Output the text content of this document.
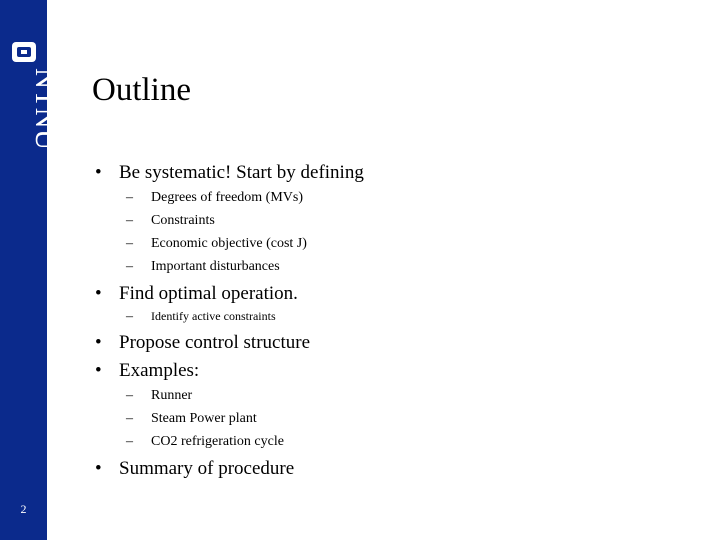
NTNU
2
Outline
• Be systematic! Start by defining
– Degrees of freedom (MVs)
– Constraints
– Economic objective (cost J)
– Important disturbances
• Find optimal operation.
– Identify active constraints
• Propose control structure
• Examples:
– Runner
– Steam Power plant
– CO2 refrigeration cycle
• Summary of procedure
